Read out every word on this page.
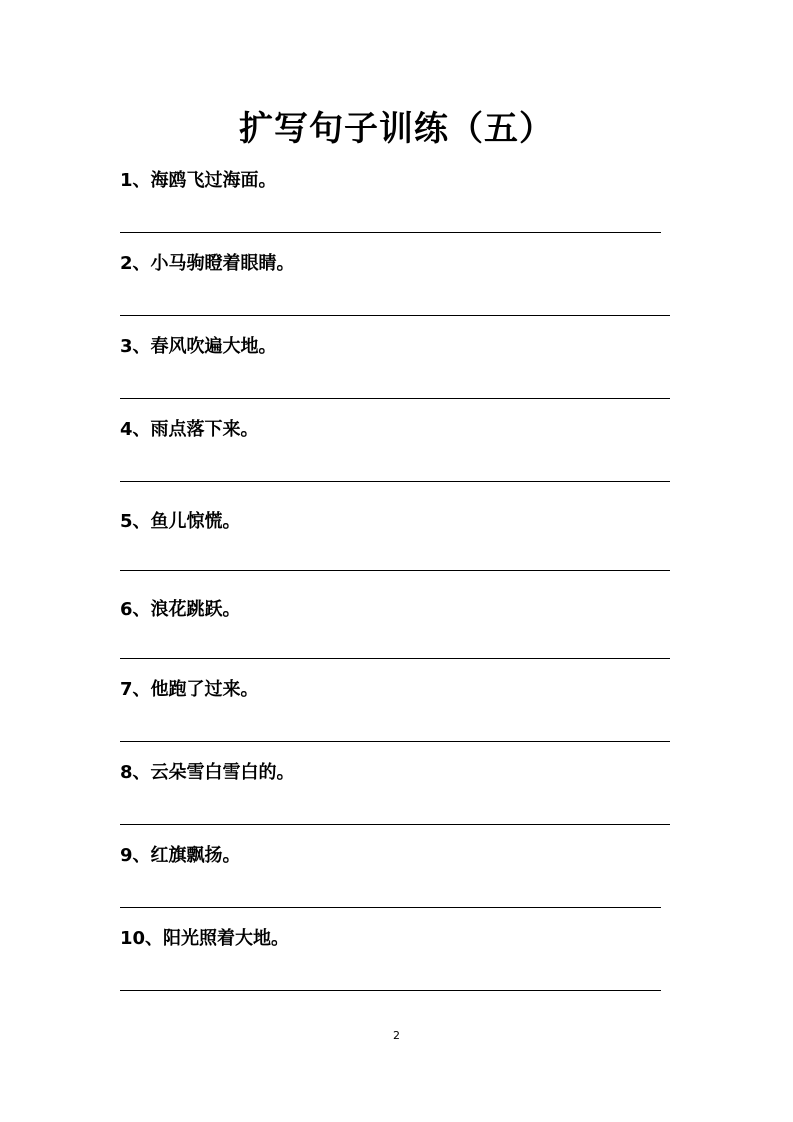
扩写句子训练（五）
1、海鸥飞过海面。
2、小马驹瞪着眼睛。
3、春风吹遍大地。
4、雨点落下来。
5、鱼儿惊慌。
6、浪花跳跃。
7、他跑了过来。
8、云朵雪白雪白的。
9、红旗飘扬。
10、阳光照着大地。
2
